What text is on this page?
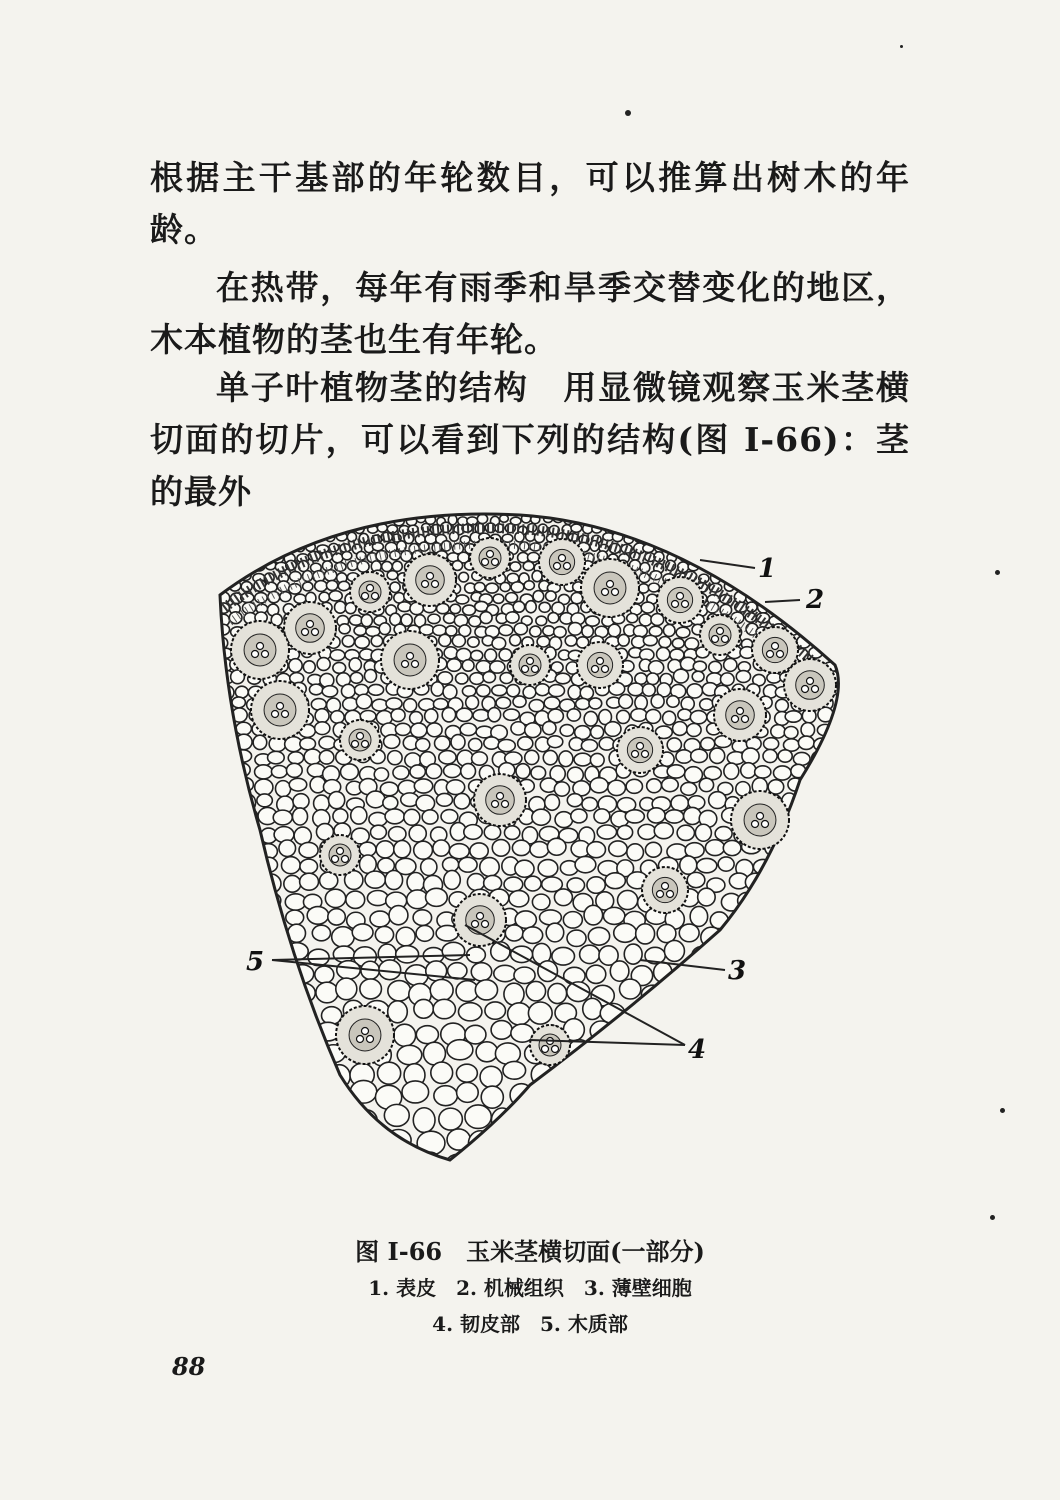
根据主干基部的年轮数目，可以推算出树木的年龄。

在热带，每年有雨季和旱季交替变化的地区，木本植物的茎也生有年轮。

单子叶植物茎的结构　 用显微镜观察玉米茎横切面的切片，可以看到下列的结构(图 I-66)：茎的最外

1
2
3
4
5
图 I-66　玉米茎横切面(一部分)
1. 表皮　2. 机械组织　3. 薄壁细胞
4. 韧皮部　5. 木质部
88
